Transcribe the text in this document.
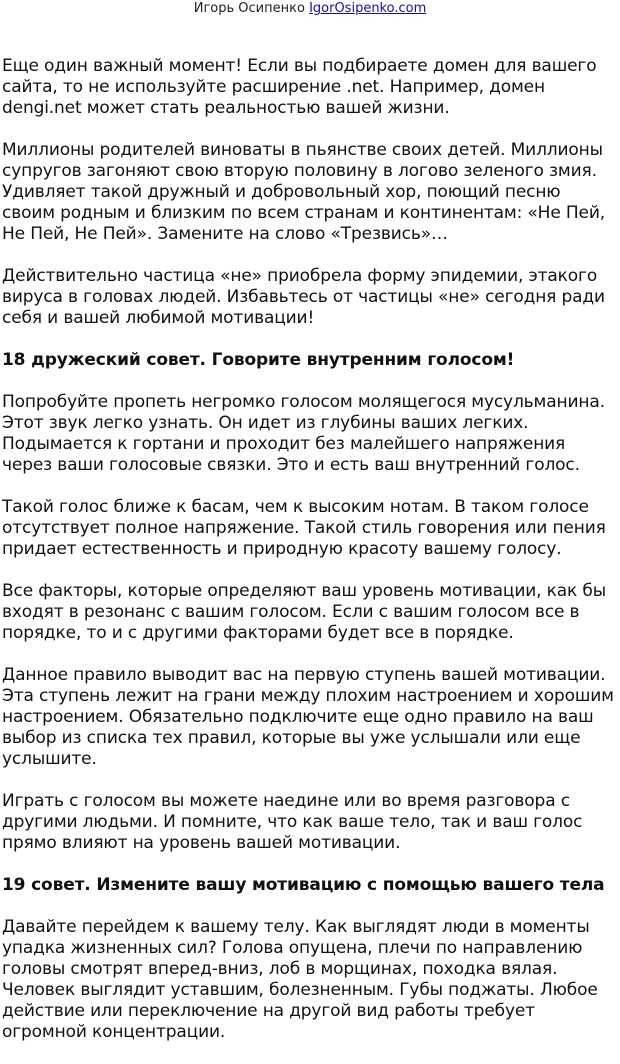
Игорь Осипенко IgorOsipenko.com

Еще один важный момент! Если вы подбираете домен для вашего сайта, то не используйте расширение .net. Например, домен dengi.net может стать реальностью вашей жизни.

Миллионы родителей виноваты в пьянстве своих детей. Миллионы супругов загоняют свою вторую половину в логово зеленого змия. Удивляет такой дружный и добровольный хор, поющий песню своим родным и близким по всем странам и континентам: «Не Пей, Не Пей, Не Пей». Замените на слово «Трезвись»…

Действительно частица «не» приобрела форму эпидемии, этакого вируса в головах людей. Избавьтесь от частицы «не» сегодня ради себя и вашей любимой мотивации!

18 дружеский совет. Говорите внутренним голосом!

Попробуйте пропеть негромко голосом молящегося мусульманина. Этот звук легко узнать. Он идет из глубины ваших легких. Подымается к гортани и проходит без малейшего напряжения через ваши голосовые связки. Это и есть ваш внутренний голос.

Такой голос ближе к басам, чем к высоким нотам. В таком голосе отсутствует полное напряжение. Такой стиль говорения или пения придает естественность и природную красоту вашему голосу.

Все факторы, которые определяют ваш уровень мотивации, как бы входят в резонанс с вашим голосом. Если с вашим голосом все в порядке, то и с другими факторами будет все в порядке.

Данное правило выводит вас на первую ступень вашей мотивации. Эта ступень лежит на грани между плохим настроением и хорошим настроением. Обязательно подключите еще одно правило на ваш выбор из списка тех правил, которые вы уже услышали или еще услышите.

Играть с голосом вы можете наедине или во время разговора с другими людьми. И помните, что как ваше тело, так и ваш голос прямо влияют на уровень вашей мотивации.

19 совет. Измените вашу мотивацию с помощью вашего тела

Давайте перейдем к вашему телу. Как выглядят люди в моменты упадка жизненных сил? Голова опущена, плечи по направлению головы смотрят вперед-вниз, лоб в морщинах, походка вялая. Человек выглядит уставшим, болезненным. Губы поджаты. Любое действие или переключение на другой вид работы требует огромной концентрации.
